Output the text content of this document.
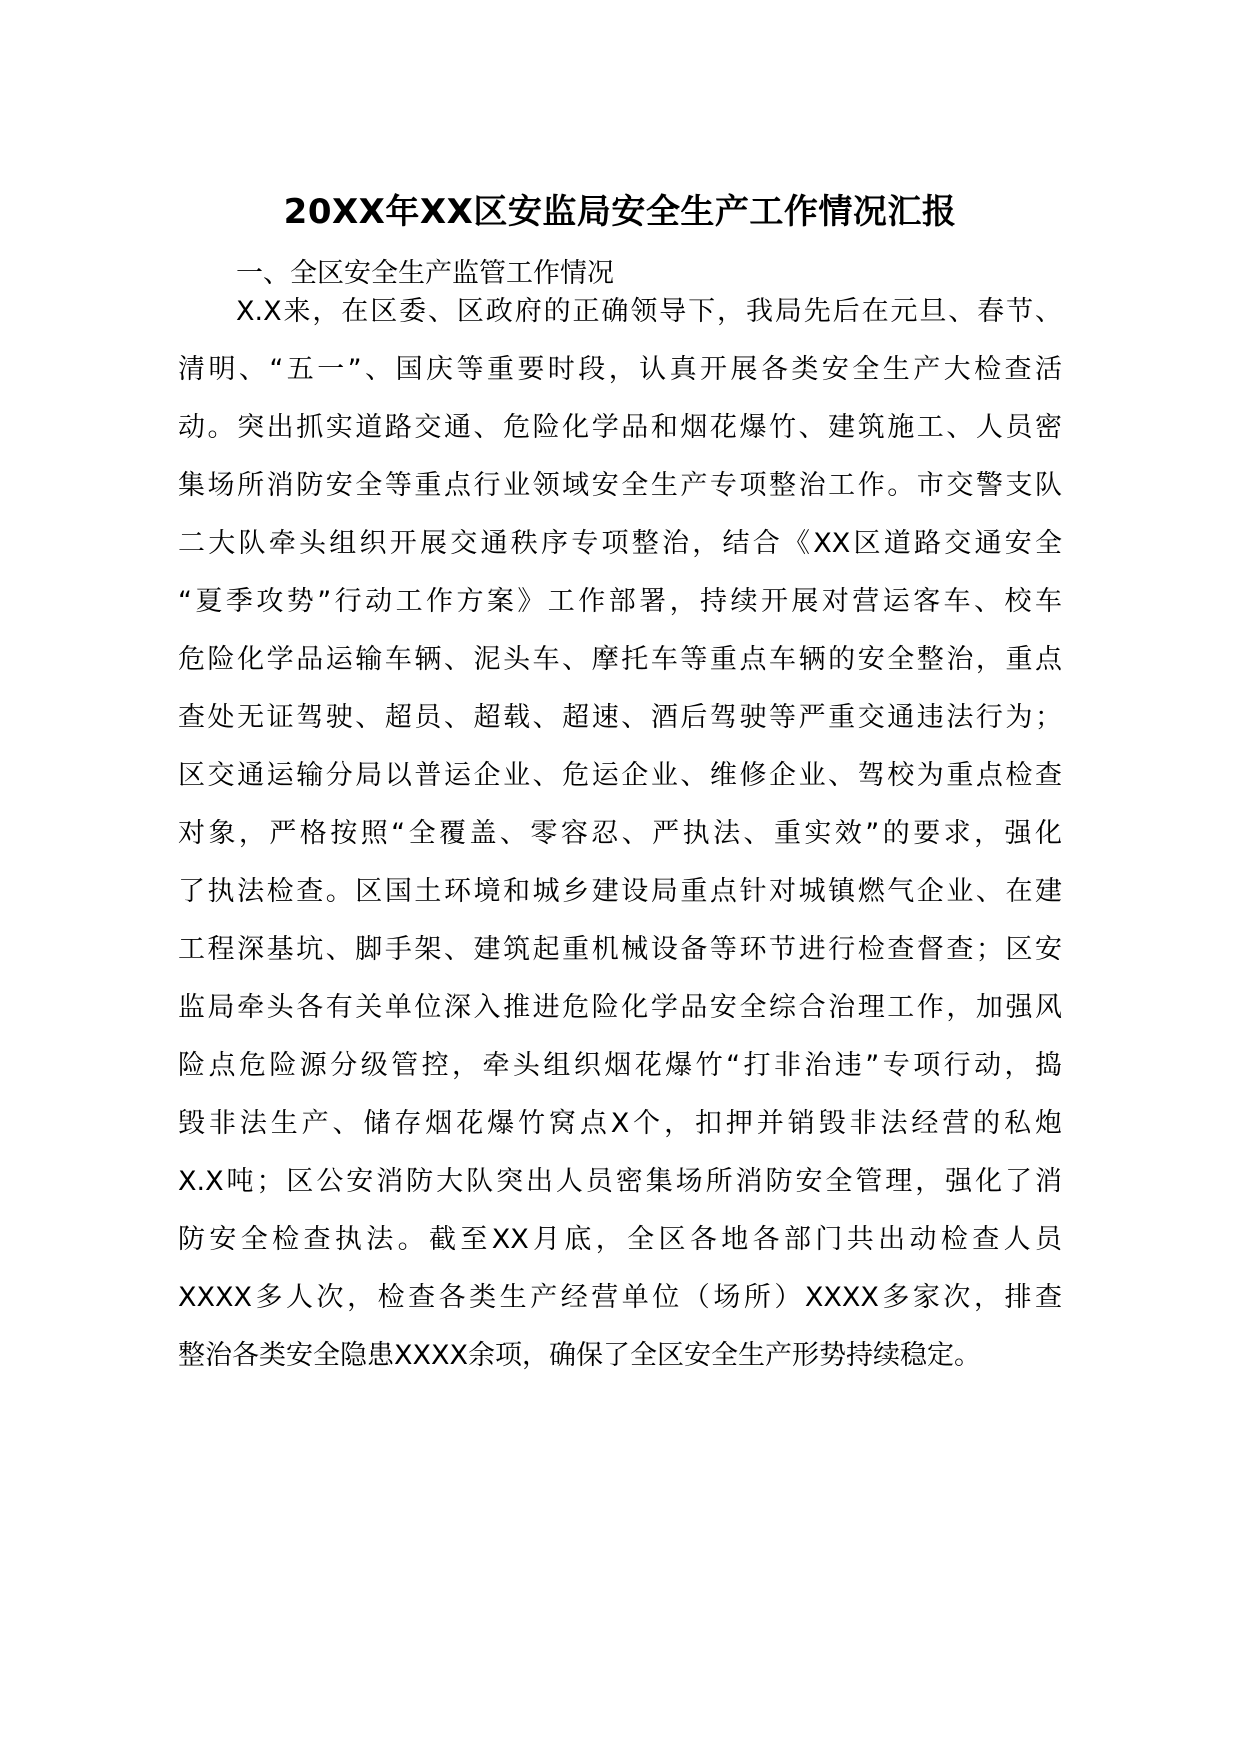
20XX年XX区安监局安全生产工作情况汇报
一、全区安全生产监管工作情况
X.X来，在区委、区政府的正确领导下，我局先后在元旦、春节、
清明、“五一”、国庆等重要时段，认真开展各类安全生产大检查活
动。突出抓实道路交通、危险化学品和烟花爆竹、建筑施工、人员密
集场所消防安全等重点行业领域安全生产专项整治工作。市交警支队
二大队牵头组织开展交通秩序专项整治，结合《XX区道路交通安全
“夏季攻势”行动工作方案》工作部署，持续开展对营运客车、校车
危险化学品运输车辆、泥头车、摩托车等重点车辆的安全整治，重点
查处无证驾驶、超员、超载、超速、酒后驾驶等严重交通违法行为；
区交通运输分局以普运企业、危运企业、维修企业、驾校为重点检查
对象，严格按照“全覆盖、零容忍、严执法、重实效”的要求，强化
了执法检查。区国土环境和城乡建设局重点针对城镇燃气企业、在建
工程深基坑、脚手架、建筑起重机械设备等环节进行检查督查；区安
监局牵头各有关单位深入推进危险化学品安全综合治理工作，加强风
险点危险源分级管控，牵头组织烟花爆竹“打非治违”专项行动，捣
毁非法生产、储存烟花爆竹窝点X个，扣押并销毁非法经营的私炮
X.X吨；区公安消防大队突出人员密集场所消防安全管理，强化了消
防安全检查执法。截至XX月底，全区各地各部门共出动检查人员
XXXX多人次，检查各类生产经营单位（场所）XXXX多家次，排查
整治各类安全隐患XXXX余项，确保了全区安全生产形势持续稳定。
